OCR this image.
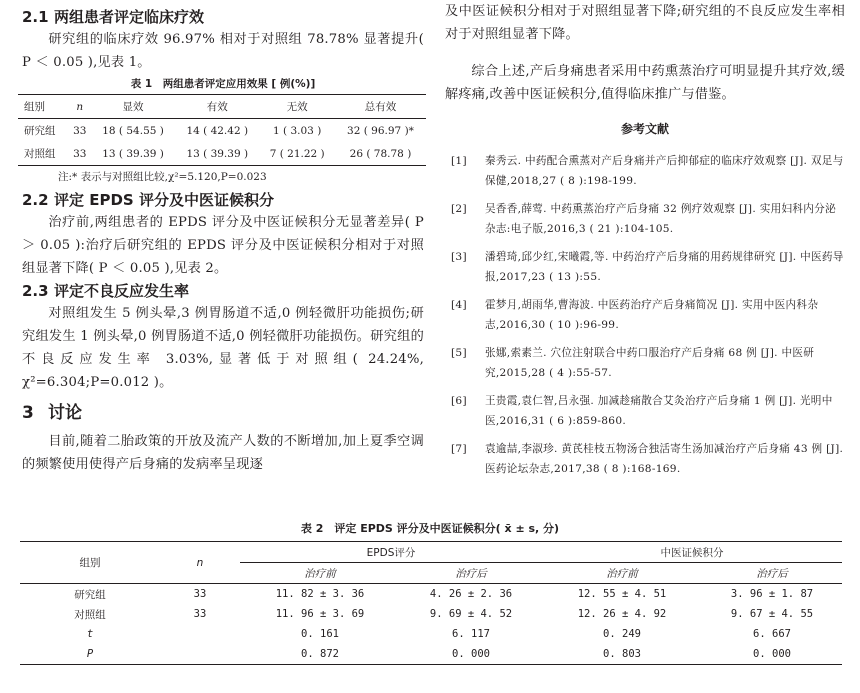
2.1 两组患者评定临床疗效

研究组的临床疗效 96.97% 相对于对照组 78.78% 显著提升( P ＜ 0.05 ),见表 1。

表 1　两组患者评定应用效果 [ 例(%)]
组别	n	显效	有效	无效	总有效
研究组	33	18 ( 54.55 )	14 ( 42.42 )	1 ( 3.03 )	32 ( 96.97 )*
对照组	33	13 ( 39.39 )	13 ( 39.39 )	7 ( 21.22 )	26 ( 78.78 )
注:* 表示与对照组比较,χ²=5.120,P=0.023
2.2 评定 EPDS 评分及中医证候积分

治疗前,两组患者的 EPDS 评分及中医证候积分无显著差异( P ＞ 0.05 ):治疗后研究组的 EPDS 评分及中医证候积分相对于对照组显著下降( P ＜ 0.05 ),见表 2。

2.3 评定不良反应发生率

对照组发生 5 例头晕,3 例胃肠道不适,0 例轻微肝功能损伤;研究组发生 1 例头晕,0 例胃肠道不适,0 例轻微肝功能损伤。研究组的不良反应发生率 3.03%,显著低于对照组( 24.24%, χ²=6.304;P=0.012 )。

3 讨论

目前,随着二胎政策的开放及流产人数的不断增加,加上夏季空调的频繁使用使得产后身痛的发病率呈现逐

及中医证候积分相对于对照组显著下降;研究组的不良反应发生率相对于对照组显著下降。

综合上述,产后身痛患者采用中药熏蒸治疗可明显提升其疗效,缓解疼痛,改善中医证候积分,值得临床推广与借鉴。

参考文献

[1] 秦秀云. 中药配合熏蒸对产后身痛并产后抑郁症的临床疗效观察 [J]. 双足与保健,2018,27 ( 8 ):198-199.

[2] 吴香香,薛莺. 中药熏蒸治疗产后身痛 32 例疗效观察 [J]. 实用妇科内分泌杂志:电子版,2016,3 ( 21 ):104-105.

[3] 潘碧琦,邱少红,宋曦霞,等. 中药治疗产后身痛的用药规律研究 [J]. 中医药导报,2017,23 ( 13 ):55.

[4] 霍梦月,胡雨华,曹海波. 中医药治疗产后身痛简况 [J]. 实用中医内科杂志,2016,30 ( 10 ):96-99.

[5] 张娜,索素兰. 穴位注射联合中药口服治疗产后身痛 68 例 [J]. 中医研究,2015,28 ( 4 ):55-57.

[6] 王贵霞,袁仁智,吕永强. 加减趁痛散合艾灸治疗产后身痛 1 例 [J]. 光明中医,2016,31 ( 6 ):859-860.

[7] 袁逾喆,李淑珍. 黄芪桂枝五物汤合独活寄生汤加减治疗产后身痛 43 例 [J]. 医药论坛杂志,2017,38 ( 8 ):168-169.

表 2　评定 EPDS 评分及中医证候积分( x̄ ± s, 分)
组别	n	EPDS评分		中医证候积分	
		治疗前	治疗后	治疗前	治疗后
研究组	33	11. 82 ± 3. 36	4. 26 ± 2. 36	12. 55 ± 4. 51	3. 96 ± 1. 87
对照组	33	11. 96 ± 3. 69	9. 69 ± 4. 52	12. 26 ± 4. 92	9. 67 ± 4. 55
t		0. 161	6. 117	0. 249	6. 667
P		0. 872	0. 000	0. 803	0. 000
